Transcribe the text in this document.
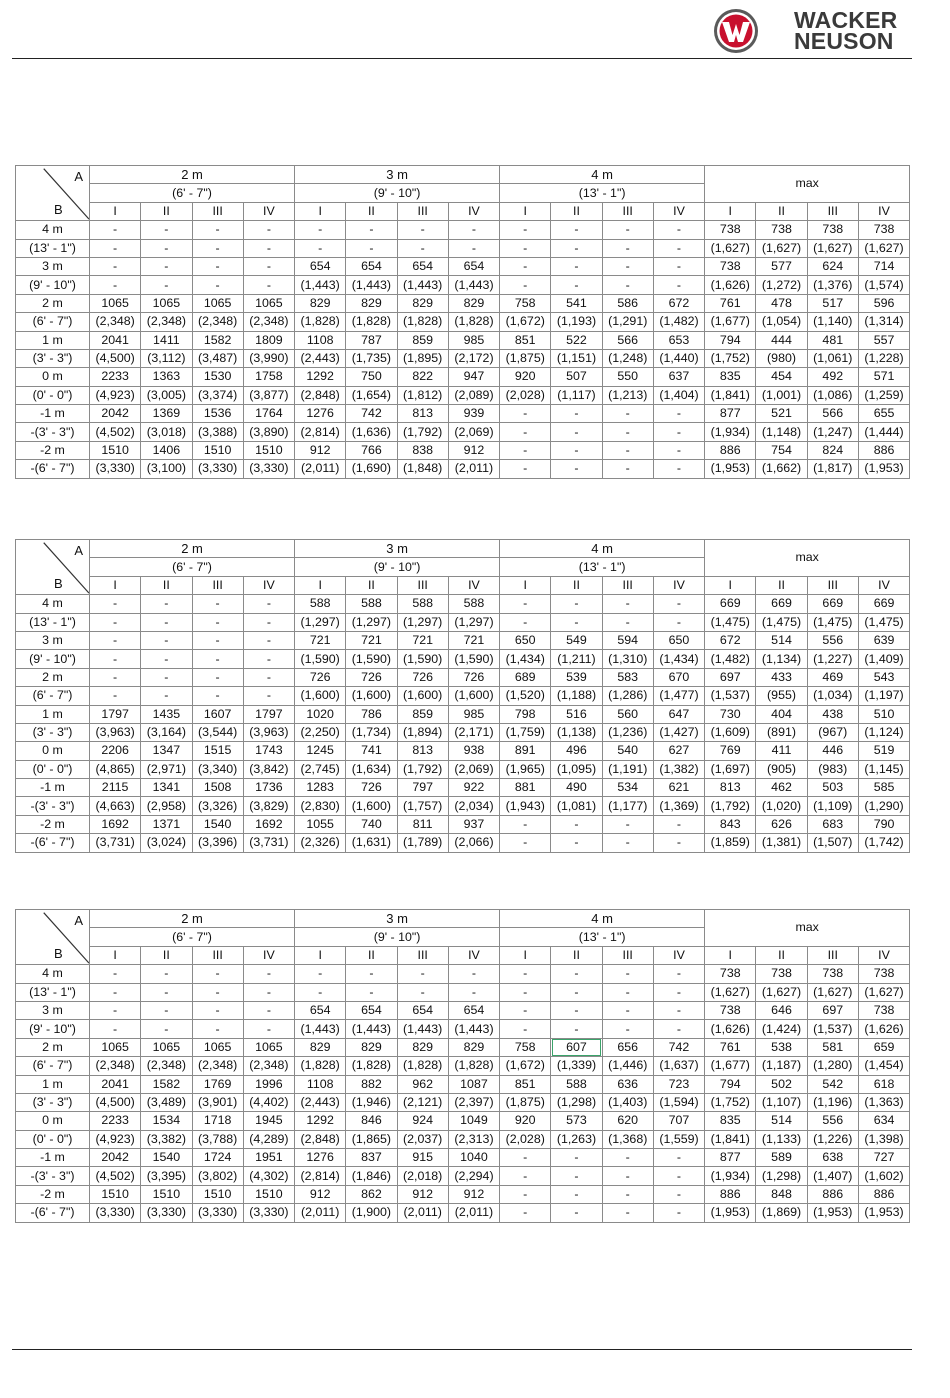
WACKER
NEUSON
A
B	2 m				3 m				4 m				max			
	(6' - 7")				(9' - 10")				(13' - 1")							
	I	II	III	IV	I	II	III	IV	I	II	III	IV	I	II	III	IV
4 m	-	-	-	-	-	-	-	-	-	-	-	-	738	738	738	738
(13' - 1")	-	-	-	-	-	-	-	-	-	-	-	-	(1,627)	(1,627)	(1,627)	(1,627)
3 m	-	-	-	-	654	654	654	654	-	-	-	-	738	577	624	714
(9' - 10")	-	-	-	-	(1,443)	(1,443)	(1,443)	(1,443)	-	-	-	-	(1,626)	(1,272)	(1,376)	(1,574)
2 m	1065	1065	1065	1065	829	829	829	829	758	541	586	672	761	478	517	596
(6' - 7")	(2,348)	(2,348)	(2,348)	(2,348)	(1,828)	(1,828)	(1,828)	(1,828)	(1,672)	(1,193)	(1,291)	(1,482)	(1,677)	(1,054)	(1,140)	(1,314)
1 m	2041	1411	1582	1809	1108	787	859	985	851	522	566	653	794	444	481	557
(3' - 3")	(4,500)	(3,112)	(3,487)	(3,990)	(2,443)	(1,735)	(1,895)	(2,172)	(1,875)	(1,151)	(1,248)	(1,440)	(1,752)	(980)	(1,061)	(1,228)
0 m	2233	1363	1530	1758	1292	750	822	947	920	507	550	637	835	454	492	571
(0' - 0")	(4,923)	(3,005)	(3,374)	(3,877)	(2,848)	(1,654)	(1,812)	(2,089)	(2,028)	(1,117)	(1,213)	(1,404)	(1,841)	(1,001)	(1,086)	(1,259)
-1 m	2042	1369	1536	1764	1276	742	813	939	-	-	-	-	877	521	566	655
-(3' - 3")	(4,502)	(3,018)	(3,388)	(3,890)	(2,814)	(1,636)	(1,792)	(2,069)	-	-	-	-	(1,934)	(1,148)	(1,247)	(1,444)
-2 m	1510	1406	1510	1510	912	766	838	912	-	-	-	-	886	754	824	886
-(6' - 7")	(3,330)	(3,100)	(3,330)	(3,330)	(2,011)	(1,690)	(1,848)	(2,011)	-	-	-	-	(1,953)	(1,662)	(1,817)	(1,953)
A
B	2 m				3 m				4 m				max			
	(6' - 7")				(9' - 10")				(13' - 1")							
	I	II	III	IV	I	II	III	IV	I	II	III	IV	I	II	III	IV
4 m	-	-	-	-	588	588	588	588	-	-	-	-	669	669	669	669
(13' - 1")	-	-	-	-	(1,297)	(1,297)	(1,297)	(1,297)	-	-	-	-	(1,475)	(1,475)	(1,475)	(1,475)
3 m	-	-	-	-	721	721	721	721	650	549	594	650	672	514	556	639
(9' - 10")	-	-	-	-	(1,590)	(1,590)	(1,590)	(1,590)	(1,434)	(1,211)	(1,310)	(1,434)	(1,482)	(1,134)	(1,227)	(1,409)
2 m	-	-	-	-	726	726	726	726	689	539	583	670	697	433	469	543
(6' - 7")	-	-	-	-	(1,600)	(1,600)	(1,600)	(1,600)	(1,520)	(1,188)	(1,286)	(1,477)	(1,537)	(955)	(1,034)	(1,197)
1 m	1797	1435	1607	1797	1020	786	859	985	798	516	560	647	730	404	438	510
(3' - 3")	(3,963)	(3,164)	(3,544)	(3,963)	(2,250)	(1,734)	(1,894)	(2,171)	(1,759)	(1,138)	(1,236)	(1,427)	(1,609)	(891)	(967)	(1,124)
0 m	2206	1347	1515	1743	1245	741	813	938	891	496	540	627	769	411	446	519
(0' - 0")	(4,865)	(2,971)	(3,340)	(3,842)	(2,745)	(1,634)	(1,792)	(2,069)	(1,965)	(1,095)	(1,191)	(1,382)	(1,697)	(905)	(983)	(1,145)
-1 m	2115	1341	1508	1736	1283	726	797	922	881	490	534	621	813	462	503	585
-(3' - 3")	(4,663)	(2,958)	(3,326)	(3,829)	(2,830)	(1,600)	(1,757)	(2,034)	(1,943)	(1,081)	(1,177)	(1,369)	(1,792)	(1,020)	(1,109)	(1,290)
-2 m	1692	1371	1540	1692	1055	740	811	937	-	-	-	-	843	626	683	790
-(6' - 7")	(3,731)	(3,024)	(3,396)	(3,731)	(2,326)	(1,631)	(1,789)	(2,066)	-	-	-	-	(1,859)	(1,381)	(1,507)	(1,742)
A
B	2 m				3 m				4 m				max			
	(6' - 7")				(9' - 10")				(13' - 1")							
	I	II	III	IV	I	II	III	IV	I	II	III	IV	I	II	III	IV
4 m	-	-	-	-	-	-	-	-	-	-	-	-	738	738	738	738
(13' - 1")	-	-	-	-	-	-	-	-	-	-	-	-	(1,627)	(1,627)	(1,627)	(1,627)
3 m	-	-	-	-	654	654	654	654	-	-	-	-	738	646	697	738
(9' - 10")	-	-	-	-	(1,443)	(1,443)	(1,443)	(1,443)	-	-	-	-	(1,626)	(1,424)	(1,537)	(1,626)
2 m	1065	1065	1065	1065	829	829	829	829	758	607	656	742	761	538	581	659
(6' - 7")	(2,348)	(2,348)	(2,348)	(2,348)	(1,828)	(1,828)	(1,828)	(1,828)	(1,672)	(1,339)	(1,446)	(1,637)	(1,677)	(1,187)	(1,280)	(1,454)
1 m	2041	1582	1769	1996	1108	882	962	1087	851	588	636	723	794	502	542	618
(3' - 3")	(4,500)	(3,489)	(3,901)	(4,402)	(2,443)	(1,946)	(2,121)	(2,397)	(1,875)	(1,298)	(1,403)	(1,594)	(1,752)	(1,107)	(1,196)	(1,363)
0 m	2233	1534	1718	1945	1292	846	924	1049	920	573	620	707	835	514	556	634
(0' - 0")	(4,923)	(3,382)	(3,788)	(4,289)	(2,848)	(1,865)	(2,037)	(2,313)	(2,028)	(1,263)	(1,368)	(1,559)	(1,841)	(1,133)	(1,226)	(1,398)
-1 m	2042	1540	1724	1951	1276	837	915	1040	-	-	-	-	877	589	638	727
-(3' - 3")	(4,502)	(3,395)	(3,802)	(4,302)	(2,814)	(1,846)	(2,018)	(2,294)	-	-	-	-	(1,934)	(1,298)	(1,407)	(1,602)
-2 m	1510	1510	1510	1510	912	862	912	912	-	-	-	-	886	848	886	886
-(6' - 7")	(3,330)	(3,330)	(3,330)	(3,330)	(2,011)	(1,900)	(2,011)	(2,011)	-	-	-	-	(1,953)	(1,869)	(1,953)	(1,953)
